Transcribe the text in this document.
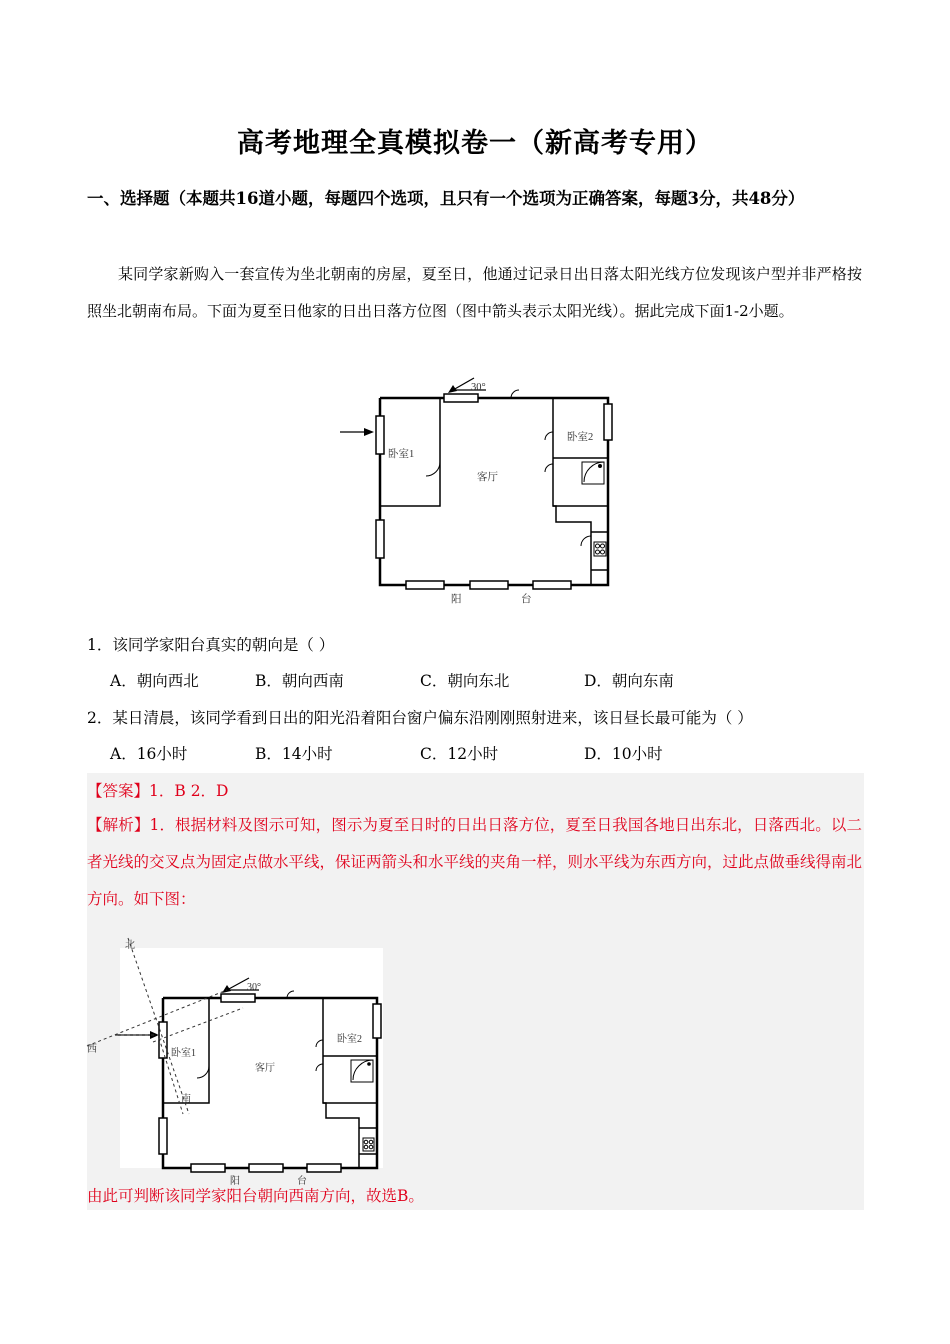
高考地理全真模拟卷一（新高考专用）
一、选择题（本题共16道小题，每题四个选项，且只有一个选项为正确答案，每题3分，共48分）
某同学家新购入一套宣传为坐北朝南的房屋，夏至日，他通过记录日出日落太阳光线方位发现该户型并非严格按照坐北朝南布局。下面为夏至日他家的日出日落方位图（图中箭头表示太阳光线）。据此完成下面1-2小题。
30°
卧室1
卧室2
客厅
阳	台
1．该同学家阳台真实的朝向是（ ）
A．朝向西北	B．朝向西南	C．朝向东北	D．朝向东南
2．某日清晨，该同学看到日出的阳光沿着阳台窗户偏东沿刚刚照射进来，该日昼长最可能为（ ）
A．16小时	B．14小时	C．12小时	D．10小时
【答案】1．B 2．D
【解析】1．根据材料及图示可知，图示为夏至日时的日出日落方位，夏至日我国各地日出东北，日落西北。以二者光线的交叉点为固定点做水平线，保证两箭头和水平线的夹角一样，则水平线为东西方向，过此点做垂线得南北方向。如下图：
30°
卧室1
卧室2
客厅
阳	台
北
西
南
由此可判断该同学家阳台朝向西南方向，故选B。
